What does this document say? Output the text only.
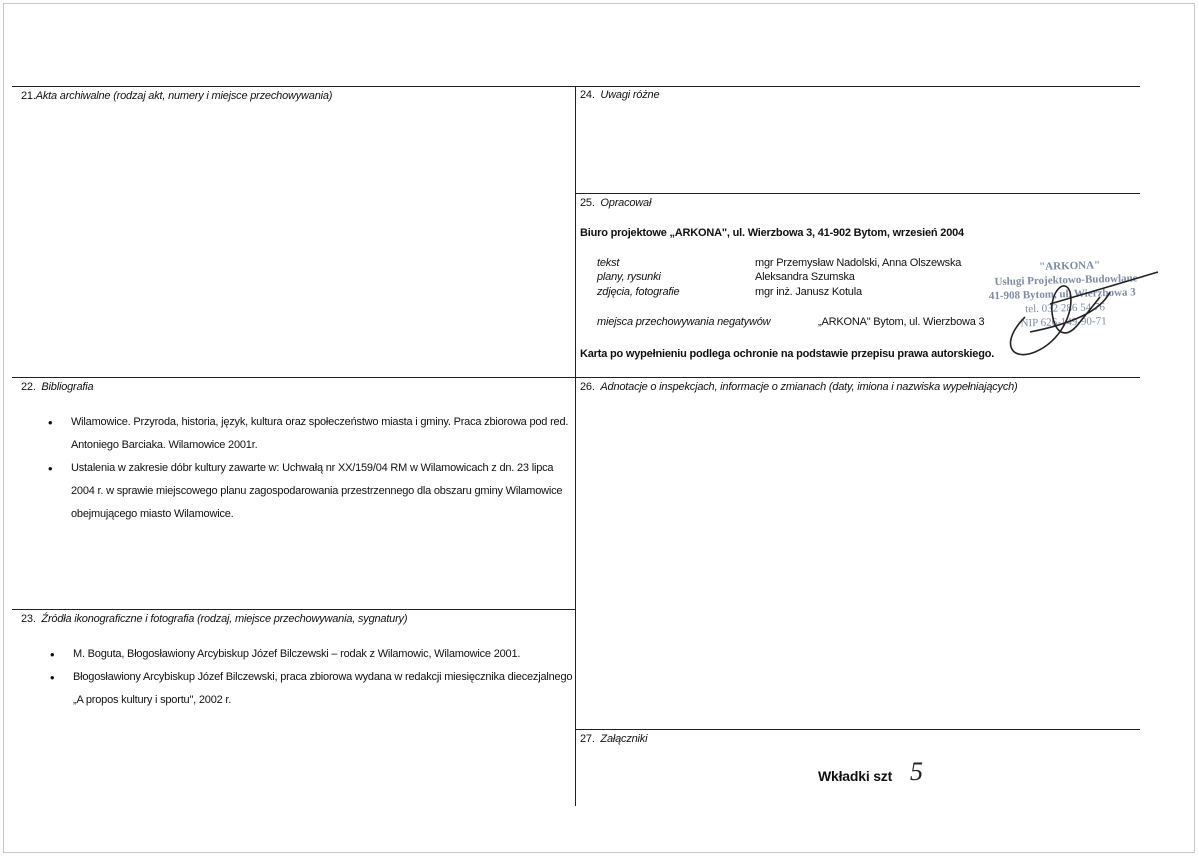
21.Akta archiwalne (rodzaj akt, numery i miejsce przechowywania)	24. Uwagi różne
25. Opracował
Biuro projektowe „ARKONA", ul. Wierzbowa 3, 41-902 Bytom, wrzesień 2004
tekst	mgr Przemysław Nadolski, Anna Olszewska
plany, rysunki	Aleksandra Szumska
zdjęcia, fotografie	mgr inż. Janusz Kotula
miejsca przechowywania negatywów	„ARKONA" Bytom, ul. Wierzbowa 3
Karta po wypełnieniu podlega ochronie na podstawie przepisu prawa autorskiego.
"ARKONA"
Usługi Projektowo-Budowlane
41-908 Bytom, ul. Wierzbowa 3
tel. 032 286 54 76
NIP 626-149-90-71
22. Bibliografia
• Wilamowice. Przyroda, historia, język, kultura oraz społeczeństwo miasta i gminy. Praca zbiorowa pod red.
Antoniego Barciaka. Wilamowice 2001r.
• Ustalenia w zakresie dóbr kultury zawarte w: Uchwałą nr XX/159/04 RM w Wilamowicach z dn. 23 lipca
2004 r. w sprawie miejscowego planu zagospodarowania przestrzennego dla obszaru gminy Wilamowice
obejmującego miasto Wilamowice.
26. Adnotacje o inspekcjach, informacje o zmianach (daty, imiona i nazwiska wypełniających)
23. Źródła ikonograficzne i fotografia (rodzaj, miejsce przechowywania, sygnatury)
• M. Boguta, Błogosławiony Arcybiskup Józef Bilczewski – rodak z Wilamowic, Wilamowice 2001.
• Błogosławiony Arcybiskup Józef Bilczewski, praca zbiorowa wydana w redakcji miesięcznika diecezjalnego
„A propos kultury i sportu", 2002 r.
27. Załączniki
Wkładki szt 5
